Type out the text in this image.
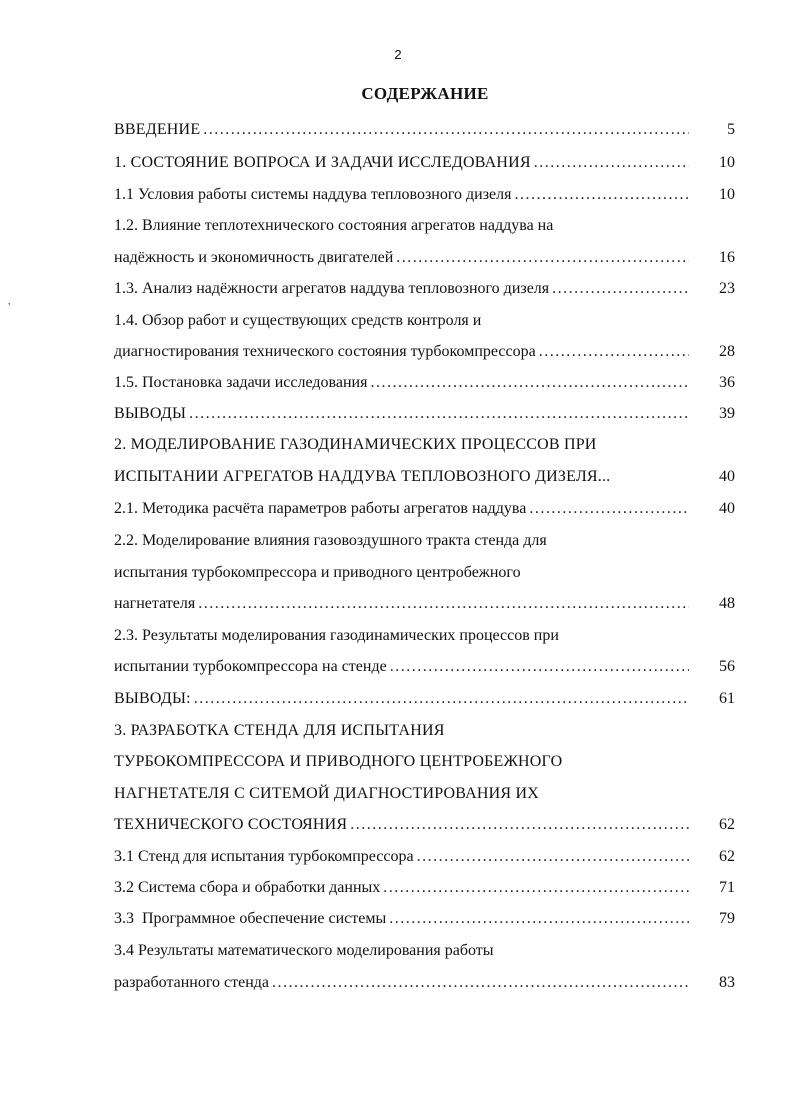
2
СОДЕРЖАНИЕ
,
ВВЕДЕНИЕ .....	5
1. СОСТОЯНИЕ ВОПРОСА И ЗАДАЧИ ИССЛЕДОВАНИЯ .....	10
1.1 Условия работы системы наддува тепловозного дизеля .....	10
1.2. Влияние теплотехнического состояния агрегатов наддува на
надёжность и экономичность двигателей .....	16
1.3. Анализ надёжности агрегатов наддува тепловозного дизеля .....	23
1.4. Обзор работ и существующих средств контроля и
диагностирования технического состояния турбокомпрессора .....	28
1.5. Постановка задачи исследования .....	36
ВЫВОДЫ .....	39
2. МОДЕЛИРОВАНИЕ ГАЗОДИНАМИЧЕСКИХ ПРОЦЕССОВ ПРИ
ИСПЫТАНИИ АГРЕГАТОВ НАДДУВА ТЕПЛОВОЗНОГО ДИЗЕЛЯ...	40
2.1. Методика расчёта параметров работы агрегатов наддува .....	40
2.2. Моделирование влияния газовоздушного тракта стенда для
испытания турбокомпрессора и приводного центробежного
нагнетателя .....	48
2.3. Результаты моделирования газодинамических процессов при
испытании турбокомпрессора на стенде .....	56
ВЫВОДЫ: .....	61
3. РАЗРАБОТКА СТЕНДА ДЛЯ ИСПЫТАНИЯ
ТУРБОКОМПРЕССОРА И ПРИВОДНОГО ЦЕНТРОБЕЖНОГО
НАГНЕТАТЕЛЯ С СИТЕМОЙ ДИАГНОСТИРОВАНИЯ ИХ
ТЕХНИЧЕСКОГО СОСТОЯНИЯ .....	62
3.1 Стенд для испытания турбокомпрессора .....	62
3.2 Система сбора и обработки данных .....	71
3.3  Программное обеспечение системы .....	79
3.4 Результаты математического моделирования работы
разработанного стенда .....	83
